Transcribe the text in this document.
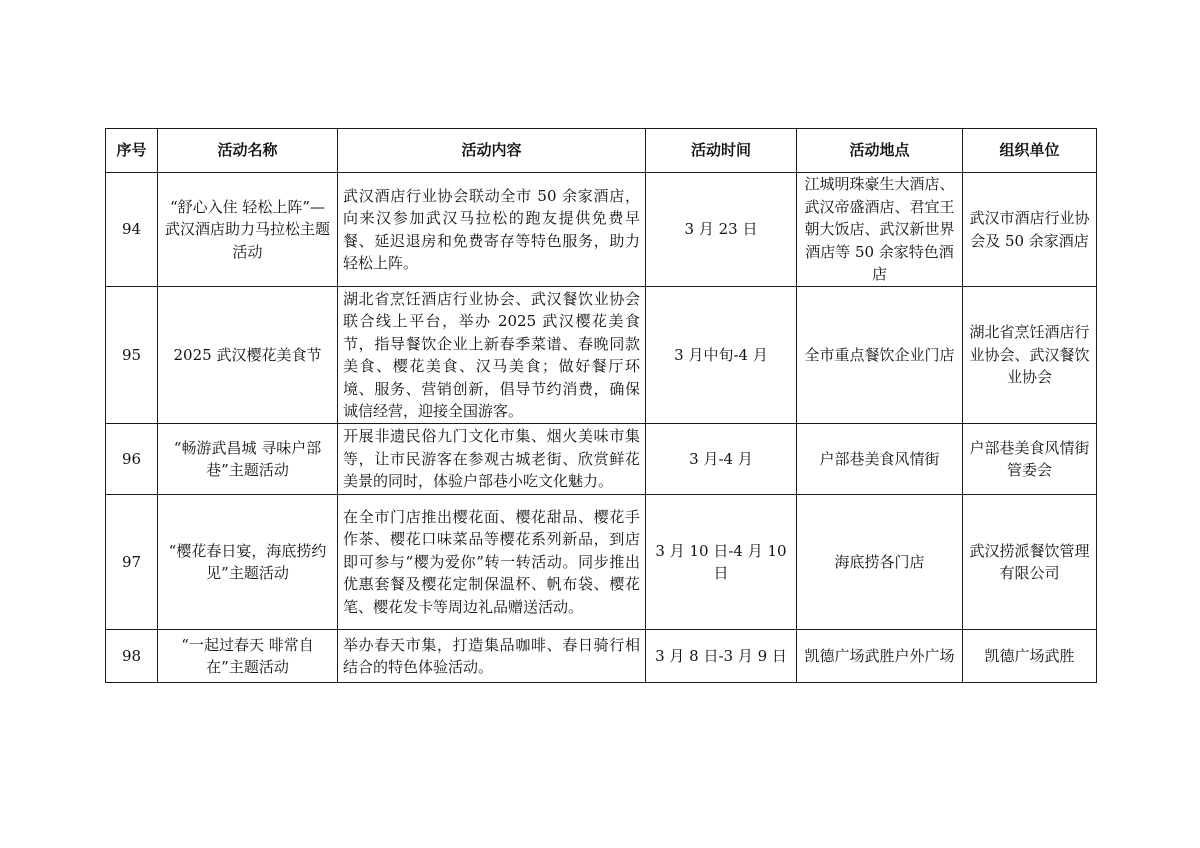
序号	活动名称	活动内容	活动时间	活动地点	组织单位
94	“舒心入住 轻松上阵”—武汉酒店助力马拉松主题活动	武汉酒店行业协会联动全市 50 余家酒店，向来汉参加武汉马拉松的跑友提供免费早餐、延迟退房和免费寄存等特色服务，助力轻松上阵。	3 月 23 日	江城明珠豪生大酒店、武汉帝盛酒店、君宜王朝大饭店、武汉新世界酒店等 50 余家特色酒店	武汉市酒店行业协会及 50 余家酒店
95	2025 武汉樱花美食节	湖北省烹饪酒店行业协会、武汉餐饮业协会联合线上平台，举办 2025 武汉樱花美食节，指导餐饮企业上新春季菜谱、春晚同款美食、樱花美食、汉马美食；做好餐厅环境、服务、营销创新，倡导节约消费，确保诚信经营，迎接全国游客。	3 月中旬-4 月	全市重点餐饮企业门店	湖北省烹饪酒店行业协会、武汉餐饮业协会
96	“畅游武昌城 寻味户部巷”主题活动	开展非遗民俗九门文化市集、烟火美味市集等，让市民游客在参观古城老街、欣赏鲜花美景的同时，体验户部巷小吃文化魅力。	3 月-4 月	户部巷美食风情街	户部巷美食风情街管委会
97	“樱花春日宴，海底捞约见”主题活动	在全市门店推出樱花面、樱花甜品、樱花手作茶、樱花口味菜品等樱花系列新品，到店即可参与“樱为爱你”转一转活动。同步推出优惠套餐及樱花定制保温杯、帆布袋、樱花笔、樱花发卡等周边礼品赠送活动。	3 月 10 日-4 月 10 日	海底捞各门店	武汉捞派餐饮管理有限公司
98	“一起过春天 啡常自在”主题活动	举办春天市集，打造集品咖啡、春日骑行相结合的特色体验活动。	3 月 8 日-3 月 9 日	凯德广场武胜户外广场	凯德广场武胜
